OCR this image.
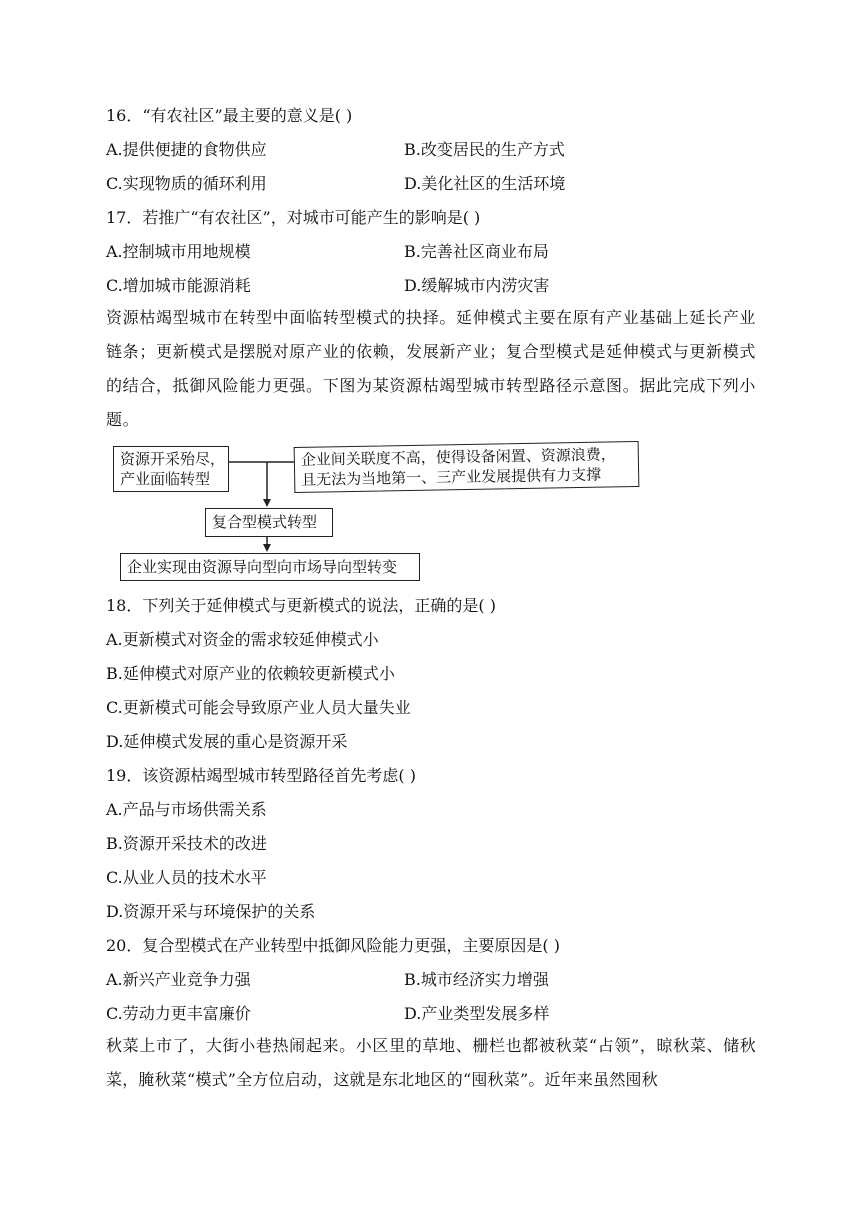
16．“有农社区”最主要的意义是( )
A.提供便捷的食物供应	B.改变居民的生产方式
C.实现物质的循环利用	D.美化社区的生活环境
17．若推广“有农社区”，对城市可能产生的影响是( )
A.控制城市用地规模	B.完善社区商业布局
C.增加城市能源消耗	D.缓解城市内涝灾害
资源枯竭型城市在转型中面临转型模式的抉择。延伸模式主要在原有产业基础上延长产业链条；更新模式是摆脱对原产业的依赖，发展新产业；复合型模式是延伸模式与更新模式的结合，抵御风险能力更强。下图为某资源枯竭型城市转型路径示意图。据此完成下列小题。
资源开采殆尽，
产业面临转型
企业间关联度不高，使得设备闲置、资源浪费，
且无法为当地第一、三产业发展提供有力支撑
复合型模式转型
企业实现由资源导向型向市场导向型转变
18．下列关于延伸模式与更新模式的说法，正确的是( )
A.更新模式对资金的需求较延伸模式小
B.延伸模式对原产业的依赖较更新模式小
C.更新模式可能会导致原产业人员大量失业
D.延伸模式发展的重心是资源开采
19．该资源枯竭型城市转型路径首先考虑( )
A.产品与市场供需关系
B.资源开采技术的改进
C.从业人员的技术水平
D.资源开采与环境保护的关系
20．复合型模式在产业转型中抵御风险能力更强，主要原因是( )
A.新兴产业竞争力强	B.城市经济实力增强
C.劳动力更丰富廉价	D.产业类型发展多样
秋菜上市了，大街小巷热闹起来。小区里的草地、栅栏也都被秋菜“占领”，晾秋菜、储秋菜，腌秋菜“模式”全方位启动，这就是东北地区的“囤秋菜”。近年来虽然囤秋
